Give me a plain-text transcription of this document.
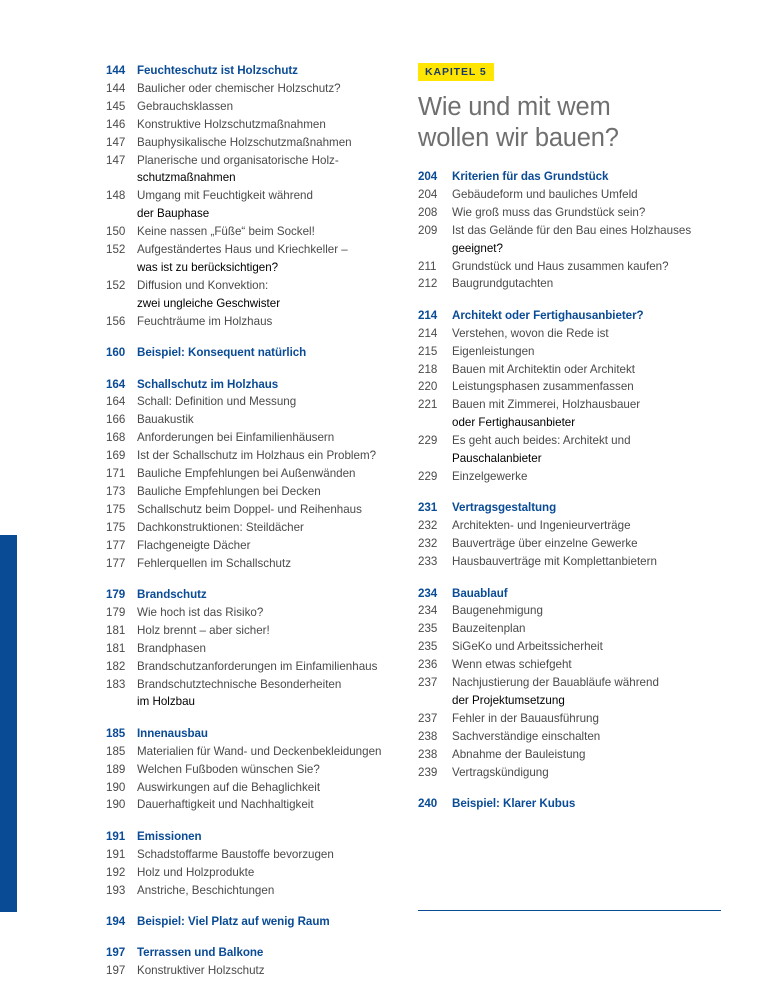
144	Feuchteschutz ist Holzschutz
144	Baulicher oder chemischer Holzschutz?
145	Gebrauchsklassen
146	Konstruktive Holzschutzmaßnahmen
147	Bauphysikalische Holzschutzmaßnahmen
147	Planerische und organisatorische Holz-
schutzmaßnahmen
148	Umgang mit Feuchtigkeit während
der Bauphase
150	Keine nassen „Füße“ beim Sockel!
152	Aufgeständertes Haus und Kriechkeller –
was ist zu berücksichtigen?
152	Diffusion und Konvektion:
zwei ungleiche Geschwister
156	Feuchträume im Holzhaus
160	Beispiel: Konsequent natürlich
164	Schallschutz im Holzhaus
164	Schall: Definition und Messung
166	Bauakustik
168	Anforderungen bei Einfamilienhäusern
169	Ist der Schallschutz im Holzhaus ein Problem?
171	Bauliche Empfehlungen bei Außenwänden
173	Bauliche Empfehlungen bei Decken
175	Schallschutz beim Doppel- und Reihenhaus
175	Dachkonstruktionen: Steildächer
177	Flachgeneigte Dächer
177	Fehlerquellen im Schallschutz
179	Brandschutz
179	Wie hoch ist das Risiko?
181	Holz brennt – aber sicher!
181	Brandphasen
182	Brandschutzanforderungen im Einfamilienhaus
183	Brandschutztechnische Besonderheiten
im Holzbau
185	Innenausbau
185	Materialien für Wand- und Deckenbekleidungen
189	Welchen Fußboden wünschen Sie?
190	Auswirkungen auf die Behaglichkeit
190	Dauerhaftigkeit und Nachhaltigkeit
191	Emissionen
191	Schadstoffarme Baustoffe bevorzugen
192	Holz und Holzprodukte
193	Anstriche, Beschichtungen
194	Beispiel: Viel Platz auf wenig Raum
197	Terrassen und Balkone
197	Konstruktiver Holzschutz
KAPITEL 5
Wie und mit wem
wollen wir bauen?
204	Kriterien für das Grundstück
204	Gebäudeform und bauliches Umfeld
208	Wie groß muss das Grundstück sein?
209	Ist das Gelände für den Bau eines Holzhauses
geeignet?
211	Grundstück und Haus zusammen kaufen?
212	Baugrundgutachten
214	Architekt oder Fertighausanbieter?
214	Verstehen, wovon die Rede ist
215	Eigenleistungen
218	Bauen mit Architektin oder Architekt
220	Leistungsphasen zusammenfassen
221	Bauen mit Zimmerei, Holzhausbauer
oder Fertighausanbieter
229	Es geht auch beides: Architekt und
Pauschalanbieter
229	Einzelgewerke
231	Vertragsgestaltung
232	Architekten- und Ingenieurverträge
232	Bauverträge über einzelne Gewerke
233	Hausbauverträge mit Komplettanbietern
234	Bauablauf
234	Baugenehmigung
235	Bauzeitenplan
235	SiGeKo und Arbeitssicherheit
236	Wenn etwas schiefgeht
237	Nachjustierung der Bauabläufe während
der Projektumsetzung
237	Fehler in der Bauausführung
238	Sachverständige einschalten
238	Abnahme der Bauleistung
239	Vertragskündigung
240	Beispiel: Klarer Kubus
